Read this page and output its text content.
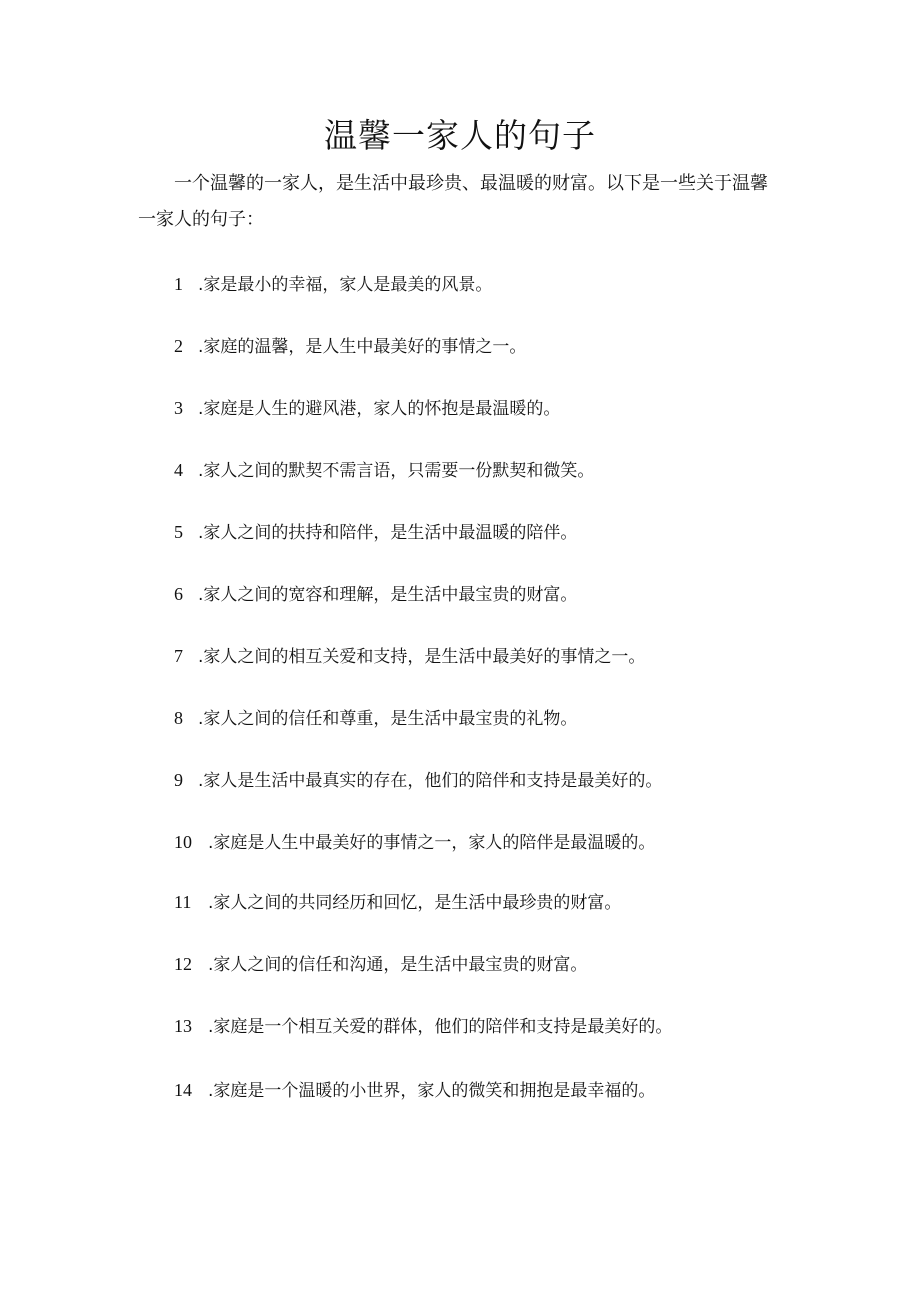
温馨一家人的句子

一个温馨的一家人，是生活中最珍贵、最温暖的财富。以下是一些关于温馨一家人的句子：

1 .家是最小的幸福，家人是最美的风景。
2 .家庭的温馨，是人生中最美好的事情之一。
3 .家庭是人生的避风港，家人的怀抱是最温暖的。
4 .家人之间的默契不需言语，只需要一份默契和微笑。
5 .家人之间的扶持和陪伴，是生活中最温暖的陪伴。
6 .家人之间的宽容和理解，是生活中最宝贵的财富。
7 .家人之间的相互关爱和支持，是生活中最美好的事情之一。
8 .家人之间的信任和尊重，是生活中最宝贵的礼物。
9 .家人是生活中最真实的存在，他们的陪伴和支持是最美好的。
10 .家庭是人生中最美好的事情之一，家人的陪伴是最温暖的。
11 .家人之间的共同经历和回忆，是生活中最珍贵的财富。
12 .家人之间的信任和沟通，是生活中最宝贵的财富。
13 .家庭是一个相互关爱的群体，他们的陪伴和支持是最美好的。
14 .家庭是一个温暖的小世界，家人的微笑和拥抱是最幸福的。
